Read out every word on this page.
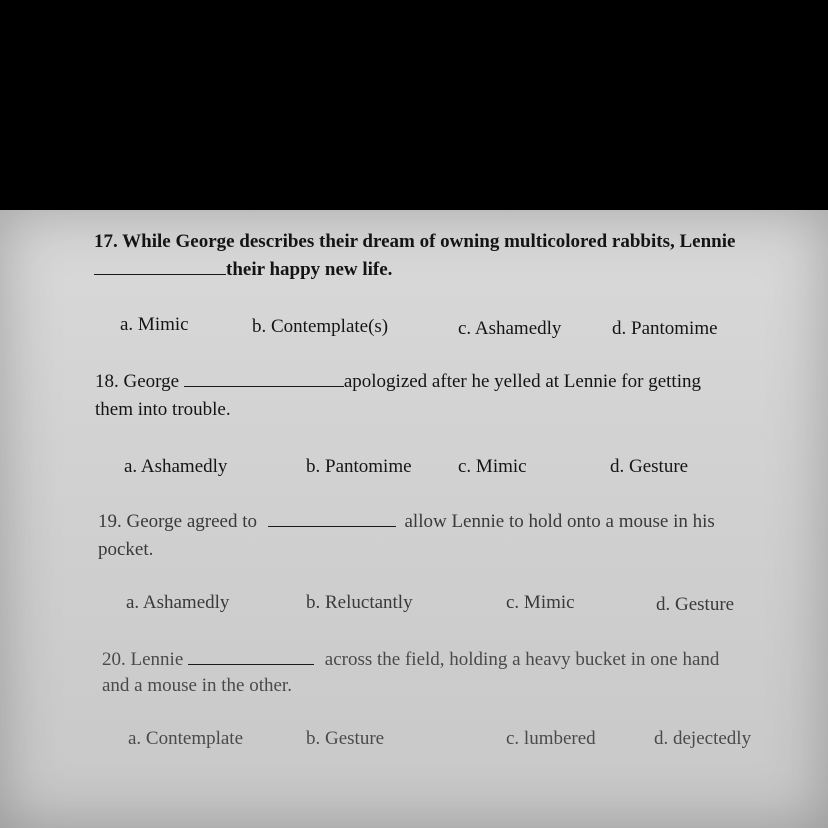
17. While George describes their dream of owning multicolored rabbits, Lennie
their happy new life.
a. Mimic	b. Contemplate(s)	c. Ashamedly	d. Pantomime
18. George	apologized after he yelled at Lennie for getting
them into trouble.
a. Ashamedly	b. Pantomime c. Mimic	d. Gesture
19. George agreed to	allow Lennie to hold onto a mouse in his
pocket.
a. Ashamedly	b. Reluctantly	c. Mimic	d. Gesture
20. Lennie	across the field, holding a heavy bucket in one hand
and a mouse in the other.
a. Contemplate	b. Gesture	c. lumbered	d. dejectedly
